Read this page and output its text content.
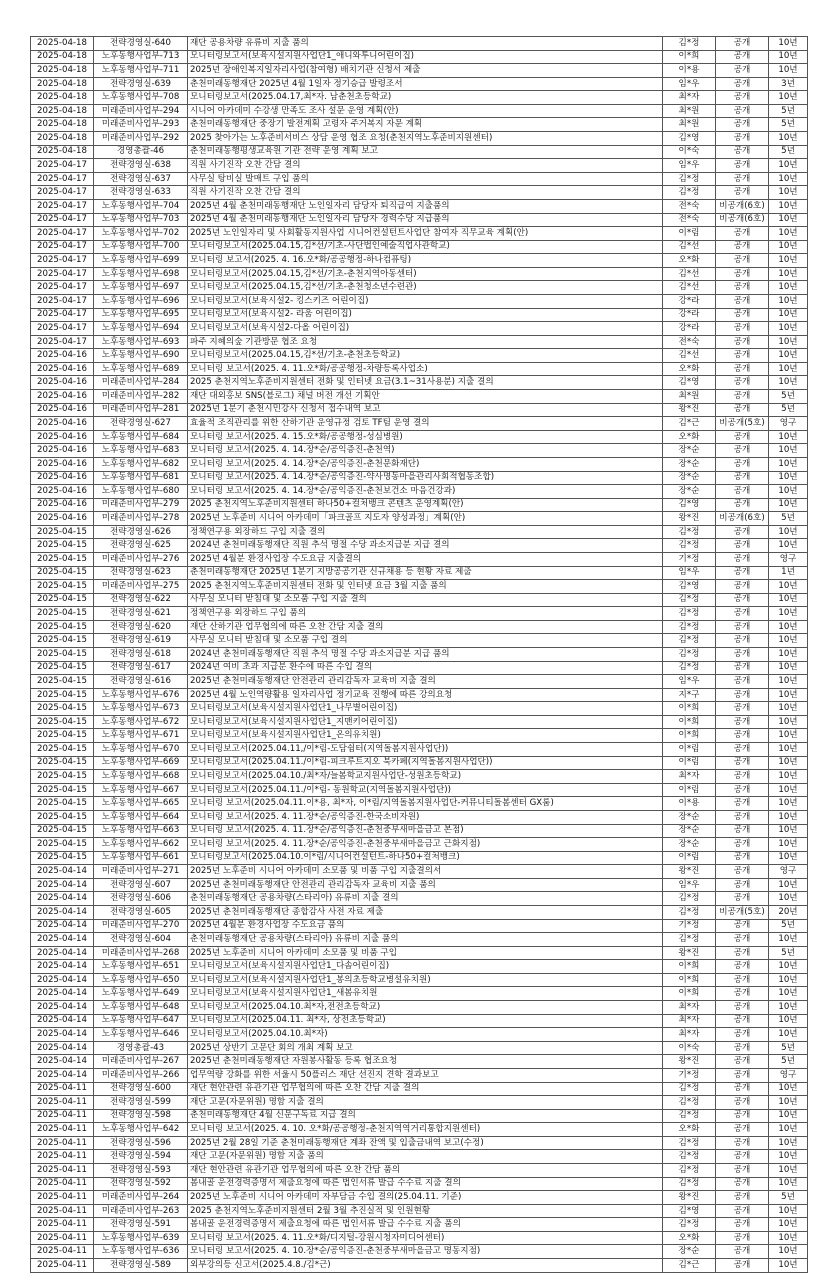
2025-04-18	전략경영실-640	재단 공용차량 유류비 지출 품의	김*정	공개	10년
2025-04-18	노후동행사업부-713	모니터링보고서(보육시설지원사업단1_애니와투니어린이집)	이*희	공개	10년
2025-04-18	노후동행사업부-711	2025년 장애인복지일자리사업(참여형) 배치기관 신청서 제출	이*용	공개	10년
2025-04-18	전략경영실-639	춘천미래동행재단 2025년 4월 1일자 정기승급 발령조서	임*우	공개	3년
2025-04-18	노후동행사업부-708	모니터링보고서(2025.04.17,최*자. 남춘천초등학교)	최*자	공개	10년
2025-04-18	미래준비사업부-294	시니어 아카데미 수강생 만족도 조사 설문 운영 계획(안)	최*원	공개	5년
2025-04-18	미래준비사업부-293	춘천미래동행재단 중장기 발전계획 고령자 주거복지 자문 계획	최*원	공개	5년
2025-04-18	미래준비사업부-292	2025 찾아가는 노후준비서비스 상담 운영 협조 요청(춘천지역노후준비지원센터)	김*영	공개	10년
2025-04-18	경영총괄-46	춘천미래동행평생교육원 기관 전략 운영 계획 보고	이*숙	공개	5년
2025-04-17	전략경영실-638	직원 사기진작 오찬 간담 결의	임*우	공개	10년
2025-04-17	전략경영실-637	사무실 탕비실 발매트 구입 품의	김*정	공개	10년
2025-04-17	전략경영실-633	직원 사기진작 오찬 간담 결의	김*정	공개	10년
2025-04-17	노후동행사업부-704	2025년 4월 춘천미래동행재단 노인일자리 담당자 퇴직급여 지출품의	전*숙	비공개(6호)	10년
2025-04-17	노후동행사업부-703	2025년 4월 춘천미래동행재단 노인일자리 담당자 경력수당 지급품의	전*숙	비공개(6호)	10년
2025-04-17	노후동행사업부-702	2025년 노인일자리 및 사회활동지원사업 시니어컨설턴트사업단 참여자 직무교육 계획(안)	이*림	공개	10년
2025-04-17	노후동행사업부-700	모니터링보고서(2025.04.15,김*선/기초-사단법인예술직업사관학교)	김*선	공개	10년
2025-04-17	노후동행사업부-699	모니터링 보고서(2025. 4. 16.오*화/공공행정-하나컴퓨팅)	오*화	공개	10년
2025-04-17	노후동행사업부-698	모니터링보고서(2025.04.15,김*선/기초-춘천지역아동센터)	김*선	공개	10년
2025-04-17	노후동행사업부-697	모니터링보고서(2025.04.15,김*선/기초-춘천청소년수련관)	김*선	공개	10년
2025-04-17	노후동행사업부-696	모니터링보고서(보육시설2- 킹스키즈 어린이집)	강*라	공개	10년
2025-04-17	노후동행사업부-695	모니터링보고서(보육시설2- 라움 어린이집)	강*라	공개	10년
2025-04-17	노후동행사업부-694	모니터링보고서(보육시설2-다올 어린이집)	강*라	공개	10년
2025-04-17	노후동행사업부-693	파주 지혜의숲 기관방문 협조 요청	전*숙	공개	10년
2025-04-16	노후동행사업부-690	모니터링보고서(2025.04.15,김*선/기초-춘천초등학교)	김*선	공개	10년
2025-04-16	노후동행사업부-689	모니터링 보고서(2025. 4. 11.오*화/공공행정-차량등록사업소)	오*화	공개	10년
2025-04-16	미래준비사업부-284	2025 춘천지역노후준비지원센터 전화 및 인터넷 요금(3.1~31사용분) 지출 결의	김*영	공개	10년
2025-04-16	미래준비사업부-282	재단 대외홍보 SNS(블로그) 채널 버전 개선 기획안	최*원	공개	5년
2025-04-16	미래준비사업부-281	2025년 1분기 춘천시민강사 신청서 접수내역 보고	왕*진	공개	5년
2025-04-16	전략경영실-627	효율적 조직관리를 위한 산하기관 운영규정 검토 TF팀 운영 결의	김*근	비공개(5호)	영구
2025-04-16	노후동행사업부-684	모니터링 보고서(2025. 4. 15.오*화/공공행정-성심병원)	오*화	공개	10년
2025-04-16	노후동행사업부-683	모니터링 보고서(2025. 4. 14.장*순/공익증진-춘천역)	장*순	공개	10년
2025-04-16	노후동행사업부-682	모니터링 보고서(2025. 4. 14.장*순/공익증진-춘천문화재단)	장*순	공개	10년
2025-04-16	노후동행사업부-681	모니터링 보고서(2025. 4. 14.장*순/공익증진-약사명동마을관리사회적협동조합)	장*순	공개	10년
2025-04-16	노후동행사업부-680	모니터링 보고서(2025. 4. 14.장*순/공익증진-춘천보건소 마음건강과)	장*순	공개	10년
2025-04-16	미래준비사업부-279	2025 춘천지역노후준비지원센터 하나50+컬처뱅크 콘텐츠 운영계획(안)	김*영	공개	10년
2025-04-16	미래준비사업부-278	2025년 노후준비 시니어 아카데미「파크골프 지도자 양성과정」계획(안)	왕*진	비공개(6호)	5년
2025-04-15	전략경영실-626	정책연구용 외장하드 구입 지출 결의	김*정	공개	10년
2025-04-15	전략경영실-625	2024년 춘천미래동행재단 직원 추석 명절 수당 과소지급분 지급 결의	김*정	공개	10년
2025-04-15	미래준비사업부-276	2025년 4월분 환경사업장 수도요금 지출결의	기*정	공개	영구
2025-04-15	전략경영실-623	춘천미래동행재단 2025년 1분기 지방공공기관 신규채용 등 현황 자료 제출	임*우	공개	1년
2025-04-15	미래준비사업부-275	2025 춘천지역노후준비지원센터 전화 및 인터넷 요금 3월 지출 품의	김*영	공개	10년
2025-04-15	전략경영실-622	사무실 모니터 받침대 및 소모품 구입 지출 결의	김*정	공개	10년
2025-04-15	전략경영실-621	정책연구용 외장하드 구입 품의	김*정	공개	10년
2025-04-15	전략경영실-620	재단 산하기관 업무협의에 따른 오찬 간담 지출 결의	김*정	공개	10년
2025-04-15	전략경영실-619	사무실 모니터 받침대 및 소모품 구입 결의	김*정	공개	10년
2025-04-15	전략경영실-618	2024년 춘천미래동행재단 직원 추석 명절 수당 과소지급분 지급 품의	김*정	공개	10년
2025-04-15	전략경영실-617	2024년 여비 초과 지급분 환수에 따른 수입 결의	김*정	공개	10년
2025-04-15	전략경영실-616	2025년 춘천미래동행재단 안전관리 관리감독자 교육비 지출 결의	임*우	공개	10년
2025-04-15	노후동행사업부-676	2025년 4월 노인역량활용 일자리사업 정기교육 진행에 따른 강의요청	지*구	공개	10년
2025-04-15	노후동행사업부-673	모니터링보고서(보육시설지원사업단1_나무별어린이집)	이*희	공개	10년
2025-04-15	노후동행사업부-672	모니터링보고서(보육시설지원사업단1_지맨키어린이집)	이*희	공개	10년
2025-04-15	노후동행사업부-671	모니터링보고서(보육시설지원사업단1_온의유치원)	이*희	공개	10년
2025-04-15	노후동행사업부-670	모니터링보고서(2025.04.11,/이*림-도담쉼터(지역돌봄지원사업단))	이*림	공개	10년
2025-04-15	노후동행사업부-669	모니터링보고서(2025.04.11./이*림-피크루트지오 북카페(지역돌봄지원사업단))	이*림	공개	10년
2025-04-15	노후동행사업부-668	모니터링보고서(2025.04.10./최*자/늘봄학교지원사업단-성원초등학교)	최*자	공개	10년
2025-04-15	노후동행사업부-667	모니터링보고서(2025.04.11./이*림- 동원학교(지역돌봄지원사업단))	이*림	공개	10년
2025-04-15	노후동행사업부-665	모니터링 보고서(2025.04.11.이*용, 최*자, 이*림/지역돌봄지원사업단-커뮤니티돌봄센터 GX룸)	이*용	공개	10년
2025-04-15	노후동행사업부-664	모니터링 보고서(2025. 4. 11.장*순/공익증진-한국소비자원)	장*순	공개	10년
2025-04-15	노후동행사업부-663	모니터링 보고서(2025. 4. 11.장*순/공익증진-춘천중부새마을금고 본점)	장*순	공개	10년
2025-04-15	노후동행사업부-662	모니터링 보고서(2025. 4. 11.장*순/공익증진-춘천중부새마을금고 근화지점)	장*순	공개	10년
2025-04-15	노후동행사업부-661	모니터링보고서(2025.04.10.이*림/시니어컨설턴트-하나50+컬처뱅크)	이*림	공개	10년
2025-04-14	미래준비사업부-271	2025년 노후준비 시니어 아카데미 소모품 및 비품 구입 지출결의서	왕*진	공개	영구
2025-04-14	전략경영실-607	2025년 춘천미래동행재단 안전관리 관리감독자 교육비 지출 품의	임*우	공개	10년
2025-04-14	전략경영실-606	춘천미래동행재단 공용차량(스타리아) 유류비 지출 결의	김*정	공개	10년
2025-04-14	전략경영실-605	2025년 춘천미래동행재단 종합감사 사전 자료 제출	김*정	비공개(5호)	20년
2025-04-14	미래준비사업부-270	2025년 4월분 환경사업장 수도요금 품의	기*정	공개	5년
2025-04-14	전략경영실-604	춘천미래동행재단 공용차량(스타리아) 유류비 지출 품의	김*정	공개	10년
2025-04-14	미래준비사업부-268	2025년 노후준비 시니어 아카데미 소모품 및 비품 구입	왕*진	공개	5년
2025-04-14	노후동행사업부-651	모니터링보고서(보육시설지원사업단1_다솜어린이집)	이*희	공개	10년
2025-04-14	노후동행사업부-650	모니터링보고서(보육시설지원사업단1_봉의초등학교병설유치원)	이*희	공개	10년
2025-04-14	노후동행사업부-649	모니터링보고서(보육시설지원사업단1_새봄유치원	이*희	공개	10년
2025-04-14	노후동행사업부-648	모니터링보고서(2025.04.10.최*자,전전초등학교)	최*자	공개	10년
2025-04-14	노후동행사업부-647	모니터링보고서(2025.04.11. 최*자, 상전초등학교)	최*자	공개	10년
2025-04-14	노후동행사업부-646	모니터링보고서(2025.04.10.최*자)	최*자	공개	10년
2025-04-14	경영총괄-43	2025년 상반기 고문단 회의 개최 계획 보고	이*숙	공개	5년
2025-04-14	미래준비사업부-267	2025년 춘천미래동행재단 자원봉사활동 등록 협조요청	왕*진	공개	5년
2025-04-14	미래준비사업부-266	업무역량 강화를 위한 서울시 50플러스 재단 선진지 견학 결과보고	기*정	공개	영구
2025-04-11	전략경영실-600	재단 현안관련 유관기관 업무협의에 따른 오찬 간담 지출 결의	김*정	공개	10년
2025-04-11	전략경영실-599	재단 고문(자문위원) 명함 지출 결의	김*정	공개	10년
2025-04-11	전략경영실-598	춘천미래동행재단 4월 신문구독료 지급 결의	김*정	공개	10년
2025-04-11	노후동행사업부-642	모니터링 보고서(2025. 4. 10. 오*화/공공행정-춘천지역역거리통합지원센터)	오*화	공개	10년
2025-04-11	전략경영실-596	2025년 2월 28일 기준 춘천미래동행재단 계좌 잔액 및 입출금내역 보고(수정)	김*정	공개	10년
2025-04-11	전략경영실-594	재단 고문(자문위원) 명함 지출 품의	김*정	공개	10년
2025-04-11	전략경영실-593	재단 현안관련 유관기관 업무협의에 따른 오찬 간담 품의	김*정	공개	10년
2025-04-11	전략경영실-592	봄내골 운전경력증명서 제출요청에 따른 법인서류 발급 수수료 지출 결의	김*정	공개	10년
2025-04-11	미래준비사업부-264	2025년 노후준비 시니어 아카데미 자부담금 수입 결의(25.04.11. 기준)	왕*진	공개	5년
2025-04-11	미래준비사업부-263	2025 춘천지역노후준비지원센터 2월 3월 추진실적 및 인원현황	김*영	공개	10년
2025-04-11	전략경영실-591	봄내골 운전경력증명서 제출요청에 따른 법인서류 발급 수수료 지출 품의	김*정	공개	10년
2025-04-11	노후동행사업부-639	모니터링 보고서(2025. 4. 11.오*화/디지털-강원시청자미디어센터)	오*화	공개	10년
2025-04-11	노후동행사업부-636	모니터링 보고서(2025. 4. 10.장*순/공익증진-춘천중부새마을금고 명동지점)	장*순	공개	10년
2025-04-11	전략경영실-589	외부강의등 신고서(2025.4.8./김*근)	김*근	공개	10년
